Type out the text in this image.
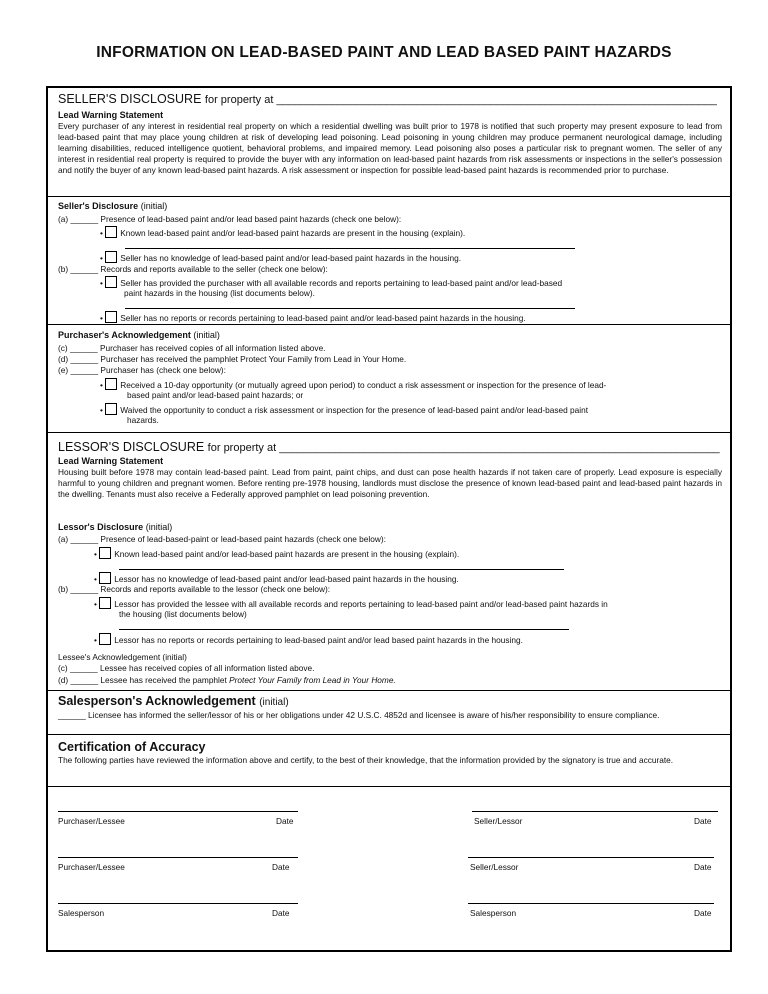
INFORMATION ON LEAD-BASED PAINT AND LEAD BASED PAINT HAZARDS
SELLER'S DISCLOSURE for property at ________________________________________________________________________
Lead Warning Statement
Every purchaser of any interest in residential real property on which a residential dwelling was built prior to 1978 is notified that such property may present exposure to lead from lead-based paint that may place young children at risk of developing lead poisoning. Lead poisoning in young children may produce permanent neurological damage, including learning disabilities, reduced intelligence quotient, behavioral problems, and impaired memory. Lead poisoning also poses a particular risk to pregnant women. The seller of any interest in residential real property is required to provide the buyer with any information on lead-based paint hazards from risk assessments or inspections in the seller's possession and notify the buyer of any known lead-based paint hazards. A risk assessment or inspection for possible lead-based paint hazards is recommended prior to purchase.
Seller's Disclosure (initial)
(a) ______ Presence of lead-based paint and/or lead based paint hazards (check one below):
• Known lead-based paint and/or lead-based paint hazards are present in the housing (explain).
• Seller has no knowledge of lead-based paint and/or lead-based paint hazards in the housing.
(b) ______ Records and reports available to the seller (check one below):
• Seller has provided the purchaser with all available records and reports pertaining to lead-based paint and/or lead-based
paint hazards in the housing (list documents below).
• Seller has no reports or records pertaining to lead-based paint and/or lead-based paint hazards in the housing.
Purchaser's Acknowledgement (initial)
(c) ______ Purchaser has received copies of all information listed above.
(d) ______ Purchaser has received the pamphlet Protect Your Family from Lead in Your Home.
(e) ______ Purchaser has (check one below):
• Received a 10-day opportunity (or mutually agreed upon period) to conduct a risk assessment or inspection for the presence of lead-
based paint and/or lead-based paint hazards; or
• Waived the opportunity to conduct a risk assessment or inspection for the presence of lead-based paint and/or lead-based paint
hazards.
LESSOR'S DISCLOSURE for property at ________________________________________________________________________
Lead Warning Statement
Housing built before 1978 may contain lead-based paint. Lead from paint, paint chips, and dust can pose health hazards if not taken care of properly. Lead exposure is especially harmful to young children and pregnant women. Before renting pre-1978 housing, landlords must disclose the presence of known lead-based paint and lead-based paint hazards in the dwelling. Tenants must also receive a Federally approved pamphlet on lead poisoning prevention.
Lessor's Disclosure (initial)
(a) ______ Presence of lead-based-paint or lead-based paint hazards (check one below):
• Known lead-based paint and/or lead-based paint hazards are present in the housing (explain).
• Lessor has no knowledge of lead-based paint and/or lead-based paint hazards in the housing.
(b) ______ Records and reports available to the lessor (check one below):
• Lessor has provided the lessee with all available records and reports pertaining to lead-based paint and/or lead-based paint hazards in
the housing (list documents below)
• Lessor has no reports or records pertaining to lead-based paint and/or lead based paint hazards in the housing.
Lessee's Acknowledgement (initial)
(c) ______ Lessee has received copies of all information listed above.
(d) ______ Lessee has received the pamphlet Protect Your Family from Lead in Your Home.
Salesperson's Acknowledgement (initial)
______ Licensee has informed the seller/lessor of his or her obligations under 42 U.S.C. 4852d and licensee is aware of his/her responsibility to ensure compliance.
Certification of Accuracy
The following parties have reviewed the information above and certify, to the best of their knowledge, that the information provided by the signatory is true and accurate.
Purchaser/Lessee	Date	Seller/Lessor	Date
Purchaser/Lessee	Date	Seller/Lessor	Date
Salesperson	Date	Salesperson	Date
